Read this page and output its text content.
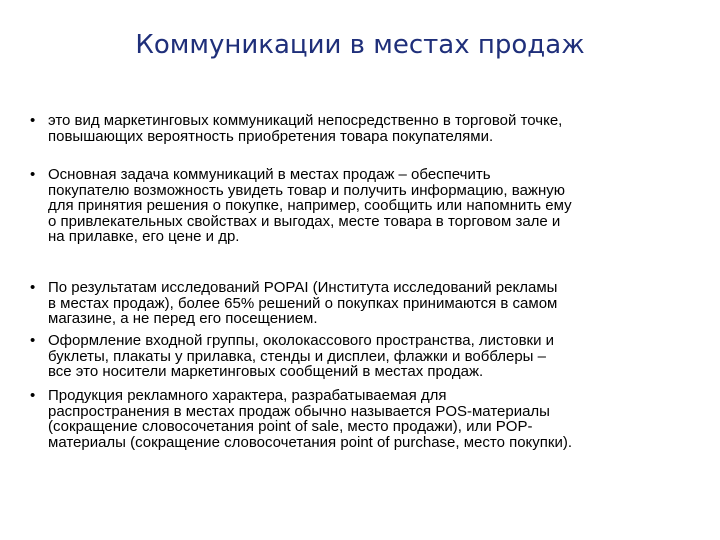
Коммуникации в местах продаж
• это вид маркетинговых коммуникаций непосредственно в торговой точке,
повышающих вероятность приобретения товара покупателями.
• Основная задача коммуникаций в местах продаж – обеспечить
покупателю возможность увидеть товар и получить информацию, важную
для принятия решения о покупке, например, сообщить или напомнить ему
о привлекательных свойствах и выгодах, месте товара в торговом зале и
на прилавке, его цене и др.
• По результатам исследований POPAI (Института исследований рекламы
в местах продаж), более 65% решений о покупках принимаются в самом
магазине, а не перед его посещением.
• Оформление входной группы, околокассового пространства, листовки и
буклеты, плакаты у прилавка, стенды и дисплеи, флажки и вобблеры –
все это носители маркетинговых сообщений в местах продаж.
• Продукция рекламного характера, разрабатываемая для
распространения в местах продаж обычно называется POS-материалы
(сокращение словосочетания point of sale, место продажи), или POP-
материалы (сокращение словосочетания point of purchase, место покупки).
